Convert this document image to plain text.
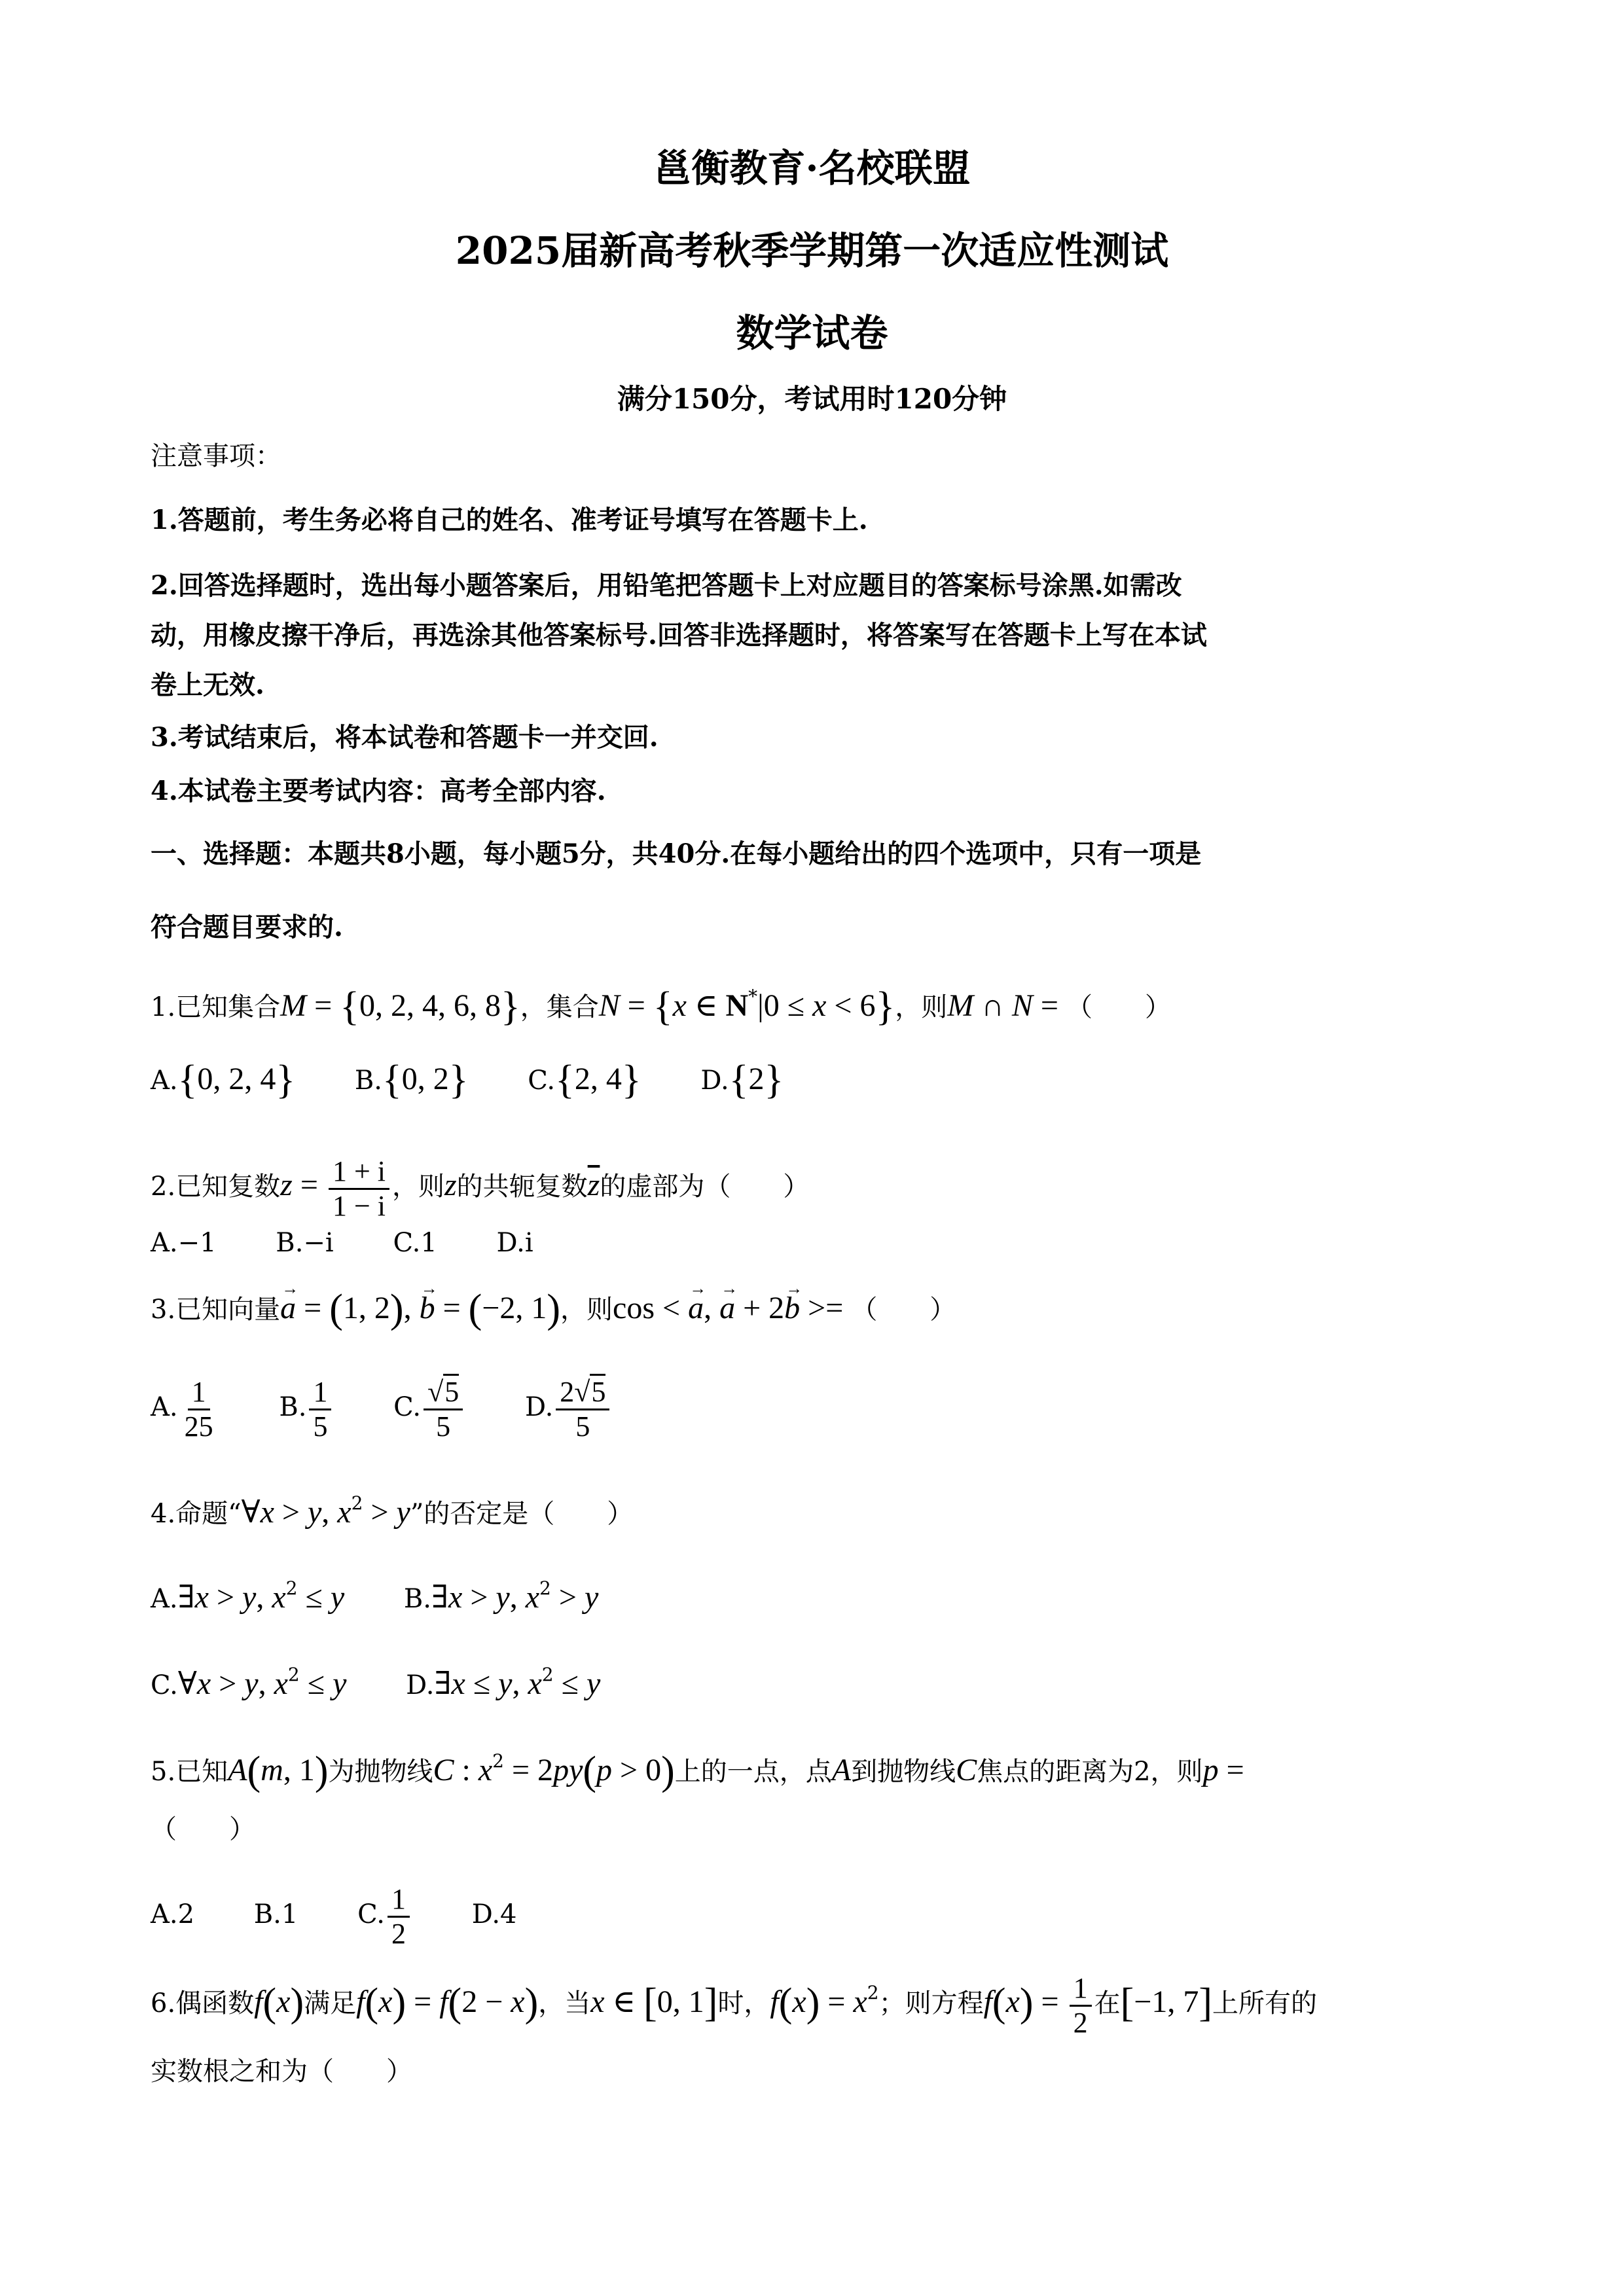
邕衡教育·名校联盟
2025届新高考秋季学期第一次适应性测试
数学试卷
满分150分，考试用时120分钟
注意事项：
1.答题前，考生务必将自己的姓名、准考证号填写在答题卡上.
2.回答选择题时，选出每小题答案后，用铅笔把答题卡上对应题目的答案标号涂黑.如需改
动，用橡皮擦干净后，再选涂其他答案标号.回答非选择题时，将答案写在答题卡上写在本试
卷上无效.
3.考试结束后，将本试卷和答题卡一并交回.
4.本试卷主要考试内容：高考全部内容.
一、选择题：本题共8小题，每小题5分，共40分.在每小题给出的四个选项中，只有一项是
符合题目要求的.
1.已知集合M = {0, 2, 4, 6, 8}，集合N = {x ∈ N*|0 ≤ x < 6}，则M ∩ N = （　　）
A.{0, 2, 4} B.{0, 2} C.{2, 4} D.{2}
2.已知复数$z = \frac{1 + i}{1 - i}$ ，则z的共轭复数$\overline{z}$的虚部为（　　）
A.−1 B.−i C.1 D.i
3.已知向量→ a = (1, 2), → b = (−2, 1)，则cos < → a, → a + 2→ b >= （　　）
A. $\frac{1}{25} B$. $\frac{1}{5} C$. $\frac{√5}{5} D$. $\frac{2√5}{5}$
4.命题“∀x > y, $x^2 > y$”的否定是（　　）
A.∃x > y, $x^2 \le y$ B.∃x > y, $x^2 > y$
C.∀x > y, $x^2 \le y$ D.∃x ≤ y, $x^2 \le y$
5.已知A(m, 1)为抛物线C : $x^2 = 2py(p > 0)$上的一点，点A到抛物线C焦点的距离为2，则p =
（　　）
A.2 B.1 C. $\frac{1}{2} D.4$
6.偶函数f(x)满足f(x) = f(2 − x)，当x ∈ [0, 1]时，$f(x) = x^2$；则方程$f(x) = \frac{1}{2}$ 在[−1, 7]上所有的
实数根之和为（　　）
